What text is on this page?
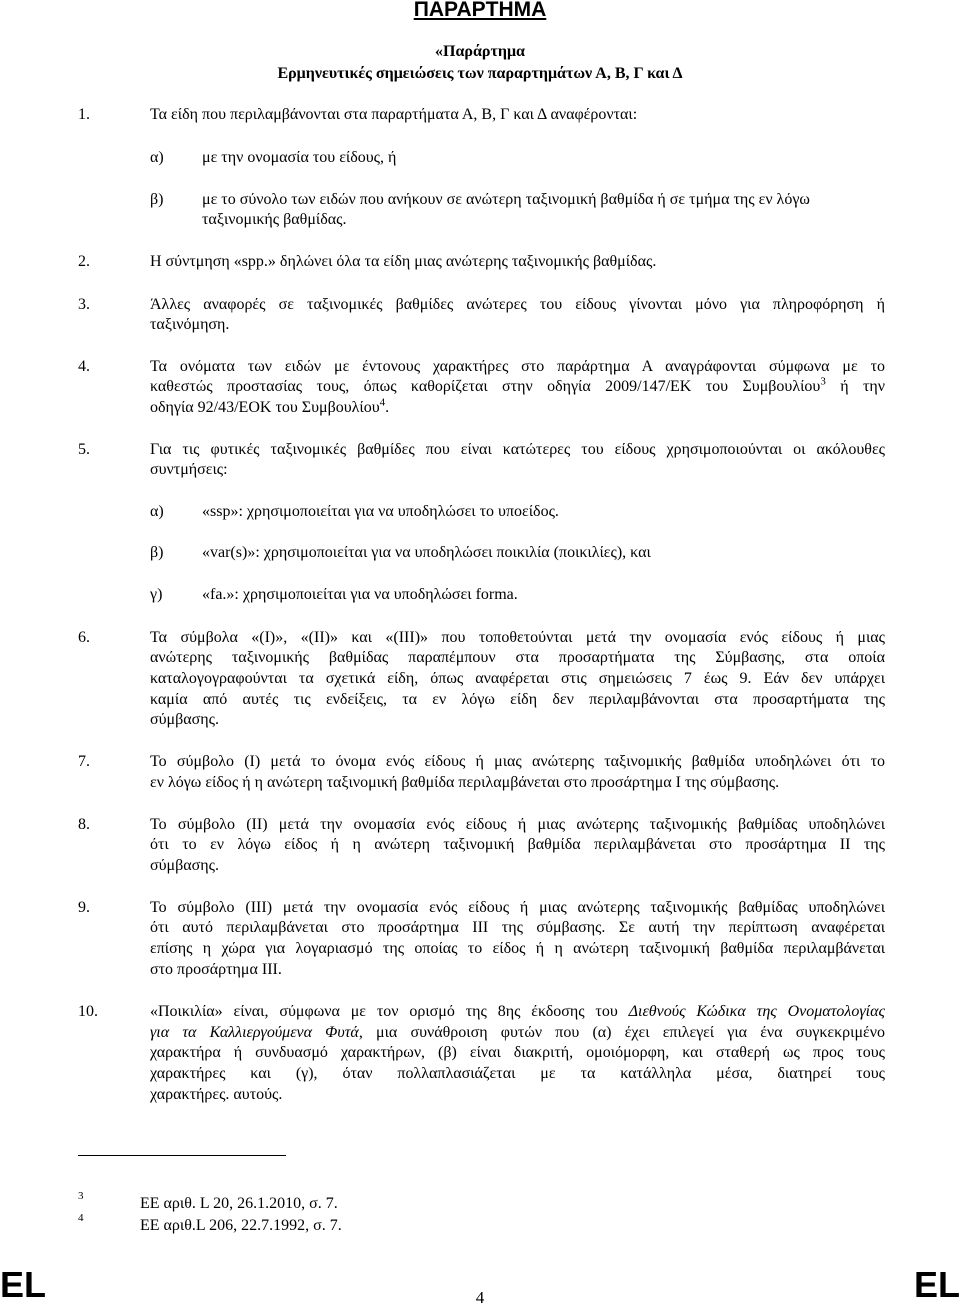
ΠΑΡΑΡΤΗΜΑ
«Παράρτημα
Ερμηνευτικές σημειώσεις των παραρτημάτων Α, Β, Γ και Δ
1.	Τα είδη που περιλαμβάνονται στα παραρτήματα Α, Β, Γ και Δ αναφέρονται:
α) με την ονομασία του είδους, ή
β) με το σύνολο των ειδών που ανήκουν σε ανώτερη ταξινομική βαθμίδα ή σε τμήμα της εν λόγω
ταξινομικής βαθμίδας.
2.	Η σύντμηση «spp.» δηλώνει όλα τα είδη μιας ανώτερης ταξινομικής βαθμίδας.
3.	Άλλες αναφορές σε ταξινομικές βαθμίδες ανώτερες του είδους γίνονται μόνο για πληροφόρηση ή
ταξινόμηση.
4.	Τα ονόματα των ειδών με έντονους χαρακτήρες στο παράρτημα Α αναγράφονται σύμφωνα με το
καθεστώς προστασίας τους, όπως καθορίζεται στην οδηγία 2009/147/ΕΚ του Συμβουλίου$^3$ ή την
οδηγία 92/43/ΕΟΚ του Συμβουλίου$^4$.
5.	Για τις φυτικές ταξινομικές βαθμίδες που είναι κατώτερες του είδους χρησιμοποιούνται οι ακόλουθες
συντμήσεις:
α) «ssp»: χρησιμοποιείται για να υποδηλώσει το υποείδος.
β) «var(s)»: χρησιμοποιείται για να υποδηλώσει ποικιλία (ποικιλίες), και
γ) «fa.»: χρησιμοποιείται για να υποδηλώσει forma.
6.	Τα σύμβολα «(Ι)», «(ΙΙ)» και «(ΙΙΙ)» που τοποθετούνται μετά την ονομασία ενός είδους ή μιας
ανώτερης ταξινομικής βαθμίδας παραπέμπουν στα προσαρτήματα της Σύμβασης, στα οποία
καταλογογραφούνται τα σχετικά είδη, όπως αναφέρεται στις σημειώσεις 7 έως 9. Εάν δεν υπάρχει
καμία από αυτές τις ενδείξεις, τα εν λόγω είδη δεν περιλαμβάνονται στα προσαρτήματα της
σύμβασης.
7.	Το σύμβολο (Ι) μετά το όνομα ενός είδους ή μιας ανώτερης ταξινομικής βαθμίδα υποδηλώνει ότι το
εν λόγω είδος ή η ανώτερη ταξινομική βαθμίδα περιλαμβάνεται στο προσάρτημα Ι της σύμβασης.
8.	Το σύμβολο (ΙΙ) μετά την ονομασία ενός είδους ή μιας ανώτερης ταξινομικής βαθμίδας υποδηλώνει
ότι το εν λόγω είδος ή η ανώτερη ταξινομική βαθμίδα περιλαμβάνεται στο προσάρτημα ΙΙ της
σύμβασης.
9.	Το σύμβολο (ΙΙΙ) μετά την ονομασία ενός είδους ή μιας ανώτερης ταξινομικής βαθμίδας υποδηλώνει
ότι αυτό περιλαμβάνεται στο προσάρτημα ΙΙΙ της σύμβασης. Σε αυτή την περίπτωση αναφέρεται
επίσης η χώρα για λογαριασμό της οποίας το είδος ή η ανώτερη ταξινομική βαθμίδα περιλαμβάνεται
στο προσάρτημα ΙΙΙ.
10.	«Ποικιλία» είναι, σύμφωνα με τον ορισμό της 8ης έκδοσης του Διεθνούς Κώδικα της Ονοματολογίας
για τα Καλλιεργούμενα Φυτά, μια συνάθροιση φυτών που (α) έχει επιλεγεί για ένα συγκεκριμένο
χαρακτήρα ή συνδυασμό χαρακτήρων, (β) είναι διακριτή, ομοιόμορφη, και σταθερή ως προς τους
χαρακτήρες και (γ), όταν πολλαπλασιάζεται με τα κατάλληλα μέσα, διατηρεί τους
χαρακτήρες. αυτούς.
3	ΕΕ αριθ. L 20, 26.1.2010, σ. 7.
4	ΕΕ αριθ.L 206, 22.7.1992, σ. 7.
EL	4	EL
